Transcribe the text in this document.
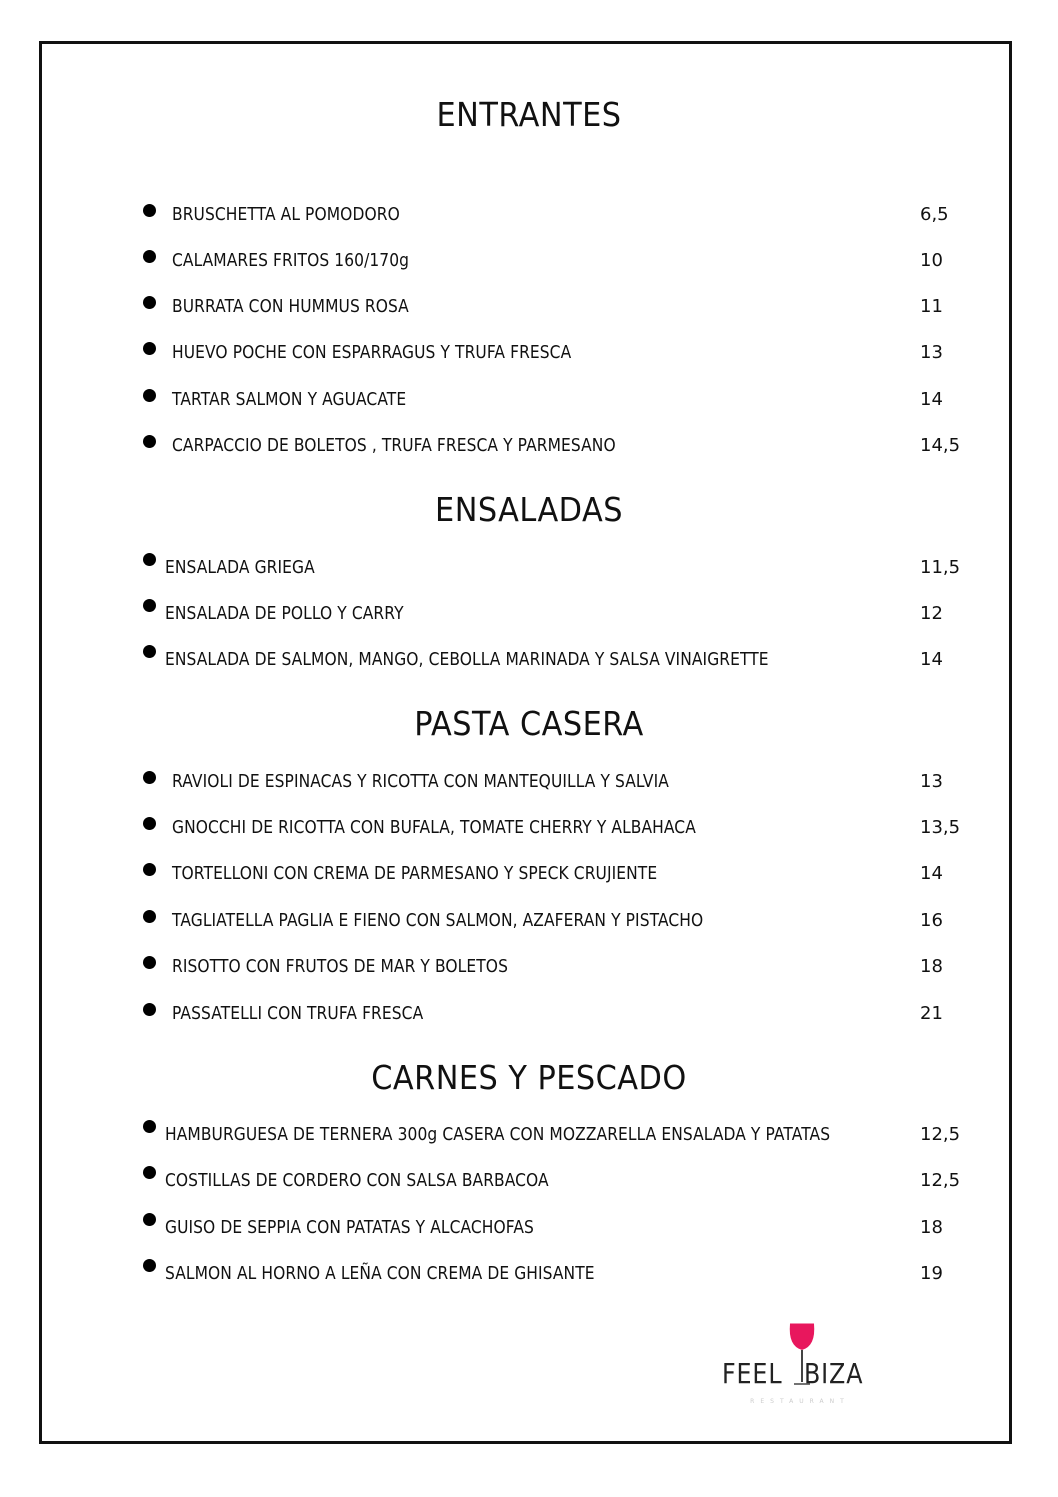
ENTRANTES
BRUSCHETTA AL POMODORO	6,5
CALAMARES FRITOS 160/170g	10
BURRATA CON HUMMUS ROSA	11
HUEVO POCHE CON ESPARRAGUS Y TRUFA FRESCA	13
TARTAR SALMON Y AGUACATE	14
CARPACCIO DE BOLETOS , TRUFA FRESCA Y PARMESANO	14,5
ENSALADAS
ENSALADA GRIEGA	11,5
ENSALADA DE POLLO Y CARRY	12
ENSALADA DE SALMON, MANGO, CEBOLLA MARINADA Y SALSA VINAIGRETTE	14
PASTA CASERA
RAVIOLI DE ESPINACAS Y RICOTTA CON MANTEQUILLA Y SALVIA	13
GNOCCHI DE RICOTTA CON BUFALA, TOMATE CHERRY Y ALBAHACA	13,5
TORTELLONI CON CREMA DE PARMESANO Y SPECK CRUJIENTE	14
TAGLIATELLA PAGLIA E FIENO CON SALMON, AZAFERAN Y PISTACHO	16
RISOTTO CON FRUTOS DE MAR Y BOLETOS	18
PASSATELLI CON TRUFA FRESCA	21
CARNES Y PESCADO
HAMBURGUESA DE TERNERA 300g CASERA CON MOZZARELLA ENSALADA Y PATATAS	12,5
COSTILLAS DE CORDERO CON SALSA BARBACOA	12,5
GUISO DE SEPPIA CON PATATAS Y ALCACHOFAS	18
SALMON AL HORNO A LEÑA CON CREMA DE GHISANTE	19
FEEL BIZA
RESTAURANT
